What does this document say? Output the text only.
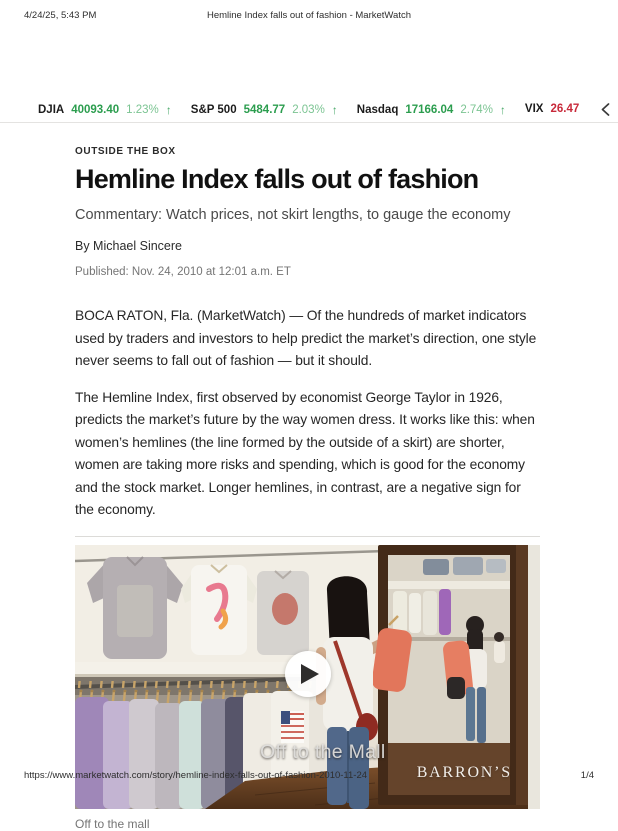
4/24/25, 5:43 PM	Hemline Index falls out of fashion - MarketWatch
DJIA 40093.40 1.23% ↑ S&P 500 5484.77 2.03% ↑ Nasdaq 17166.04 2.74% ↑ VIX 26.47
OUTSIDE THE BOX
Hemline Index falls out of fashion
Commentary: Watch prices, not skirt lengths, to gauge the economy
By Michael Sincere
Published: Nov. 24, 2010 at 12:01 a.m. ET

BOCA RATON, Fla. (MarketWatch) — Of the hundreds of market indicators used by traders and investors to help predict the market’s direction, one style never seems to fall out of fashion — but it should.

The Hemline Index, first observed by economist George Taylor in 1926, predicts the market’s future by the way women dress. It works like this: when women’s hemlines (the line formed by the outside of a skirt) are shorter, women are taking more risks and spending, which is good for the economy and the stock market. Longer hemlines, in contrast, are a negative sign for the economy.

Off to the Mall
BARRON’S
Off to the mall
https://www.marketwatch.com/story/hemline-index-falls-out-of-fashion-2010-11-24	1/4
